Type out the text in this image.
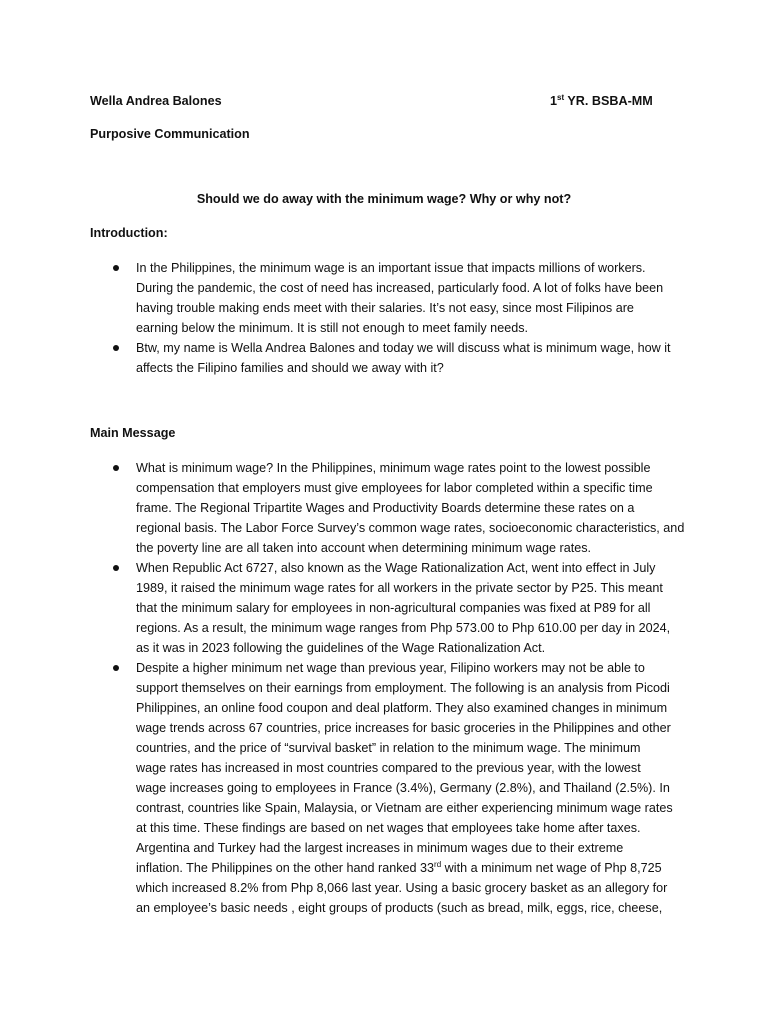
Wella Andrea Balones	1st YR. BSBA-MM
Purposive Communication
Should we do away with the minimum wage? Why or why not?
Introduction:
In the Philippines, the minimum wage is an important issue that impacts millions of workers.
During the pandemic, the cost of need has increased, particularly food. A lot of folks have been
having trouble making ends meet with their salaries. It’s not easy, since most Filipinos are
earning below the minimum. It is still not enough to meet family needs.
Btw, my name is Wella Andrea Balones and today we will discuss what is minimum wage, how it
affects the Filipino families and should we away with it?
Main Message
What is minimum wage? In the Philippines, minimum wage rates point to the lowest possible
compensation that employers must give employees for labor completed within a specific time
frame. The Regional Tripartite Wages and Productivity Boards determine these rates on a
regional basis. The Labor Force Survey’s common wage rates, socioeconomic characteristics, and
the poverty line are all taken into account when determining minimum wage rates.
When Republic Act 6727, also known as the Wage Rationalization Act, went into effect in July
1989, it raised the minimum wage rates for all workers in the private sector by P25. This meant
that the minimum salary for employees in non-agricultural companies was fixed at P89 for all
regions. As a result, the minimum wage ranges from Php 573.00 to Php 610.00 per day in 2024,
as it was in 2023 following the guidelines of the Wage Rationalization Act.
Despite a higher minimum net wage than previous year, Filipino workers may not be able to
support themselves on their earnings from employment. The following is an analysis from Picodi
Philippines, an online food coupon and deal platform. They also examined changes in minimum
wage trends across 67 countries, price increases for basic groceries in the Philippines and other
countries, and the price of “survival basket” in relation to the minimum wage. The minimum
wage rates has increased in most countries compared to the previous year, with the lowest
wage increases going to employees in France (3.4%), Germany (2.8%), and Thailand (2.5%). In
contrast, countries like Spain, Malaysia, or Vietnam are either experiencing minimum wage rates
at this time. These findings are based on net wages that employees take home after taxes.
Argentina and Turkey had the largest increases in minimum wages due to their extreme
inflation. The Philippines on the other hand ranked 33rd with a minimum net wage of Php 8,725
which increased 8.2% from Php 8,066 last year. Using a basic grocery basket as an allegory for
an employee’s basic needs , eight groups of products (such as bread, milk, eggs, rice, cheese,
